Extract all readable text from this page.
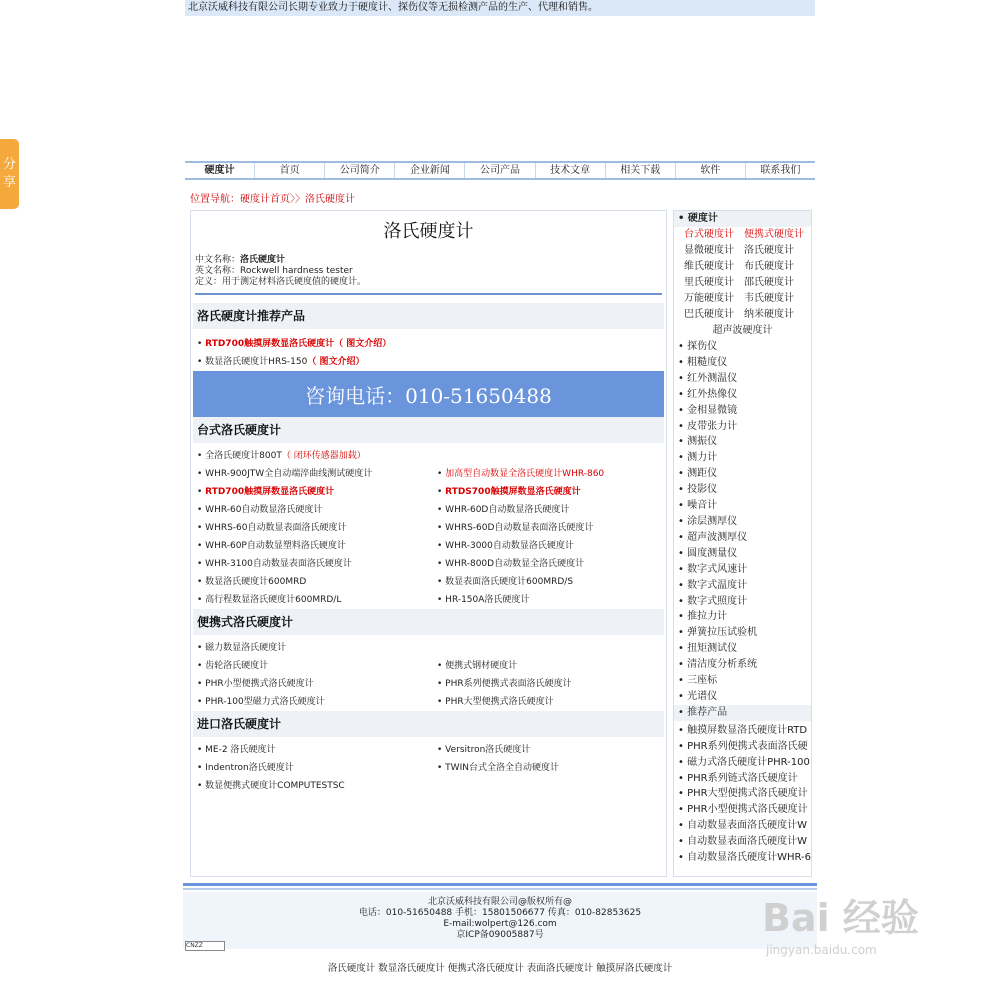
分
享
北京沃威科技有限公司长期专业致力于硬度计、探伤仪等无损检测产品的生产、代理和销售。
硬度计	首页	公司简介	企业新闻	公司产品	技术文章	相关下载	软件	联系我们
位置导航：硬度计首页〉〉洛氏硬度计
洛氏硬度计
中文名称：洛氏硬度计
英文名称：Rockwell hardness tester
定义：用于测定材料洛氏硬度值的硬度计。
洛氏硬度计推荐产品
• RTD700触摸屏数显洛氏硬度计（ 图文介绍）
• 数显洛氏硬度计HRS-150（ 图文介绍）
咨询电话：010-51650488
台式洛氏硬度计
• 全洛氏硬度计800T（ 闭环传感器加载）
• WHR-900JTW全自动端淬曲线测试硬度计	• 加高型自动数显全洛氏硬度计WHR-860
• RTD700触摸屏数显洛氏硬度计	• RTDS700触摸屏数显洛氏硬度计
• WHR-60自动数显洛氏硬度计	• WHR-60D自动数显洛氏硬度计
• WHRS-60自动数显表面洛氏硬度计	• WHRS-60D自动数显表面洛氏硬度计
• WHR-60P自动数显塑料洛氏硬度计	• WHR-3000自动数显洛氏硬度计
• WHR-3100自动数显表面洛氏硬度计	• WHR-800D自动数显全洛氏硬度计
• 数显洛氏硬度计600MRD	• 数显表面洛氏硬度计600MRD/S
• 高行程数显洛氏硬度计600MRD/L	• HR-150A洛氏硬度计
便携式洛氏硬度计
• 磁力数显洛氏硬度计
• 齿轮洛氏硬度计	• 便携式钢材硬度计
• PHR小型便携式洛氏硬度计	• PHR系列便携式表面洛氏硬度计
• PHR-100型磁力式洛氏硬度计	• PHR大型便携式洛氏硬度计
进口洛氏硬度计
• ME-2 洛氏硬度计	• Versitron洛氏硬度计
• Indentron洛氏硬度计	• TWIN台式全洛全自动硬度计
• 数显便携式硬度计COMPUTESTSC
• 硬度计
台式硬度计	便携式硬度计
显微硬度计	洛氏硬度计
维氏硬度计	布氏硬度计
里氏硬度计	邵氏硬度计
万能硬度计	韦氏硬度计
巴氏硬度计	纳米硬度计
超声波硬度计
• 探伤仪
• 粗糙度仪
• 红外测温仪
• 红外热像仪
• 金相显微镜
• 皮带张力计
• 测振仪
• 测力计
• 测距仪
• 投影仪
• 噪音计
• 涂层测厚仪
• 超声波测厚仪
• 圆度测量仪
• 数字式风速计
• 数字式温度计
• 数字式照度计
• 推拉力计
• 弹簧拉压试验机
• 扭矩测试仪
• 清洁度分析系统
• 三座标
• 光谱仪
• 推荐产品
• 触摸屏数显洛氏硬度计RTD
• PHR系列便携式表面洛氏硬
• 磁力式洛氏硬度计PHR-100
• PHR系列链式洛氏硬度计
• PHR大型便携式洛氏硬度计
• PHR小型便携式洛氏硬度计
• 自动数显表面洛氏硬度计W
• 自动数显表面洛氏硬度计W
• 自动数显洛氏硬度计WHR-6
北京沃威科技有限公司@版权所有@
电话：010-51650488 手机：15801506677 传真：010-82853625
E-mail:wolpert@126.com
京ICP备09005887号
CNZZ
洛氏硬度计 数显洛氏硬度计 便携式洛氏硬度计 表面洛氏硬度计 触摸屏洛氏硬度计
Bai 经验
jingyan.baidu.com
